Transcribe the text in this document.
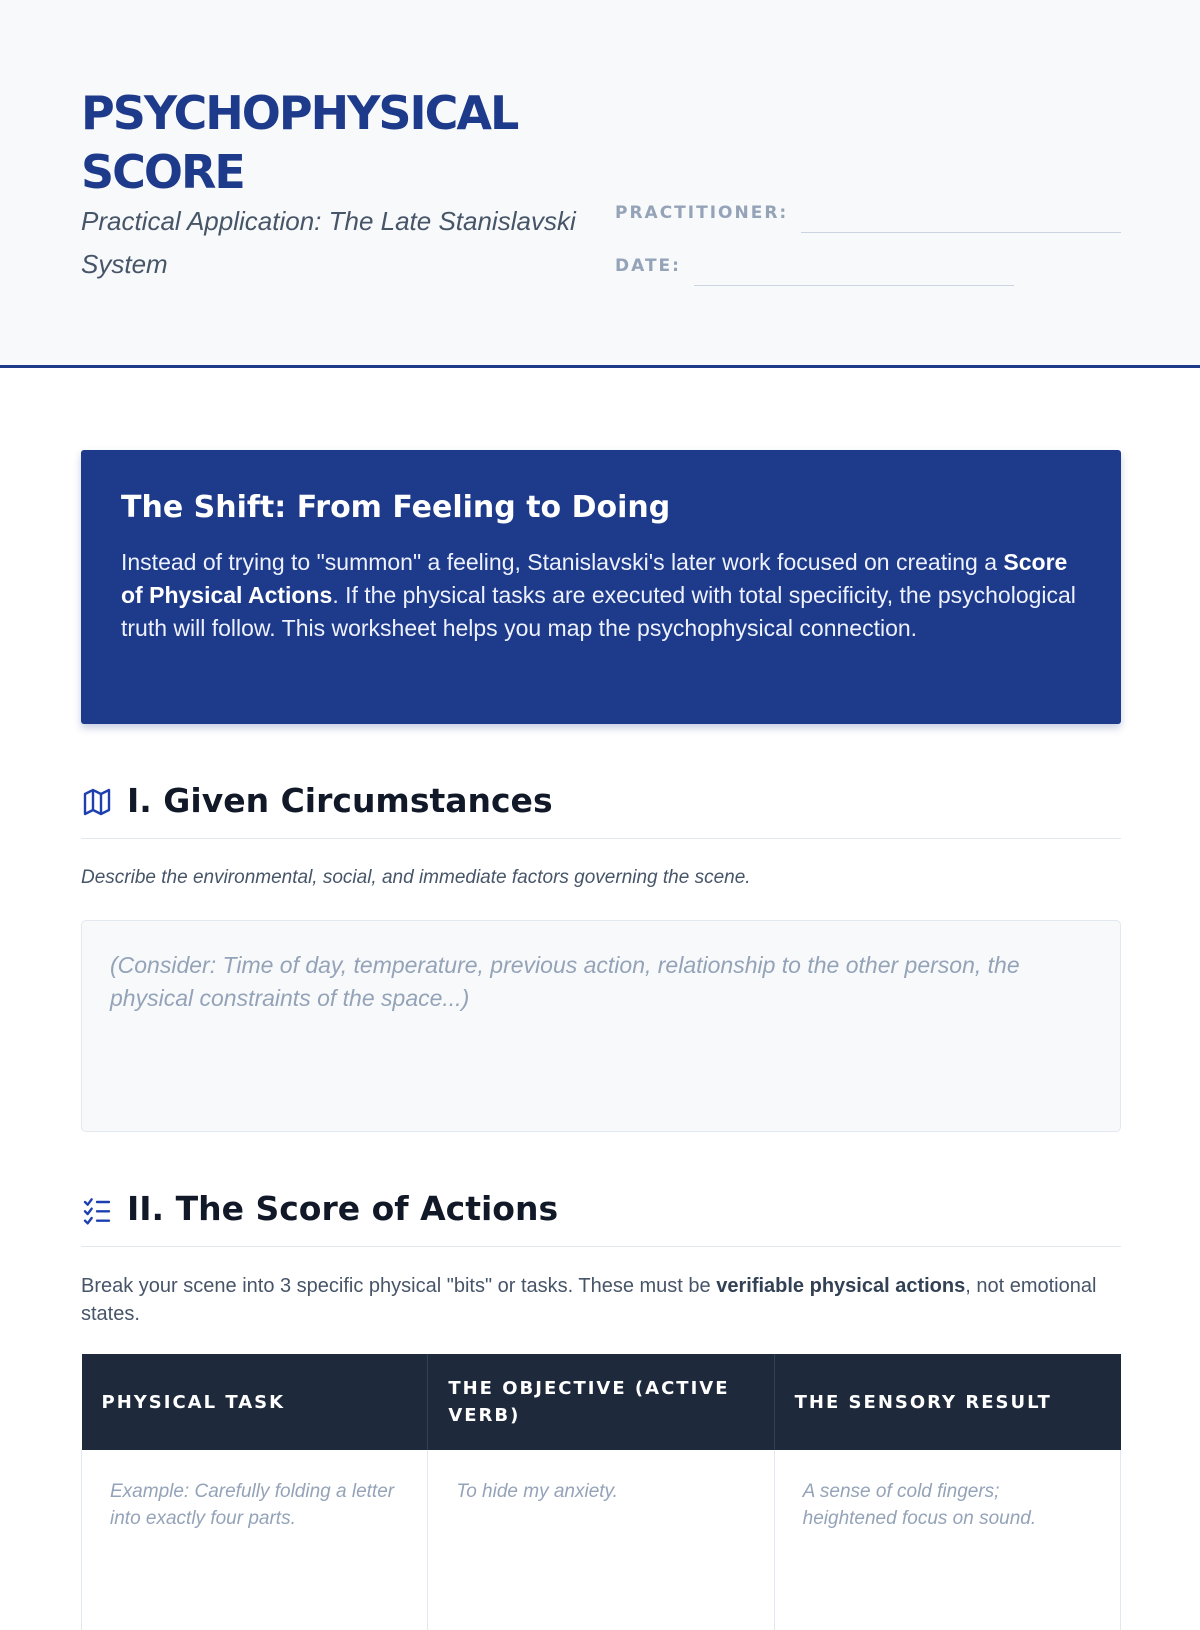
PSYCHOPHYSICAL SCORE

Practical Application: The Late Stanislavski System

PRACTITIONER:
DATE:
The Shift: From Feeling to Doing

Instead of trying to "summon" a feeling, Stanislavski's later work focused on creating a Score of Physical Actions. If the physical tasks are executed with total specificity, the psychological truth will follow. This worksheet helps you map the psychophysical connection.

I. Given Circumstances

Describe the environmental, social, and immediate factors governing the scene.

(Consider: Time of day, temperature, previous action, relationship to the other person, the physical constraints of the space...)
II. The Score of Actions

Break your scene into 3 specific physical "bits" or tasks. These must be verifiable physical actions, not emotional states.

PHYSICAL TASK	THE OBJECTIVE (ACTIVE VERB)	THE SENSORY RESULT
Example: Carefully folding a letter into exactly four parts.	To hide my anxiety.	A sense of cold fingers; heightened focus on sound.
